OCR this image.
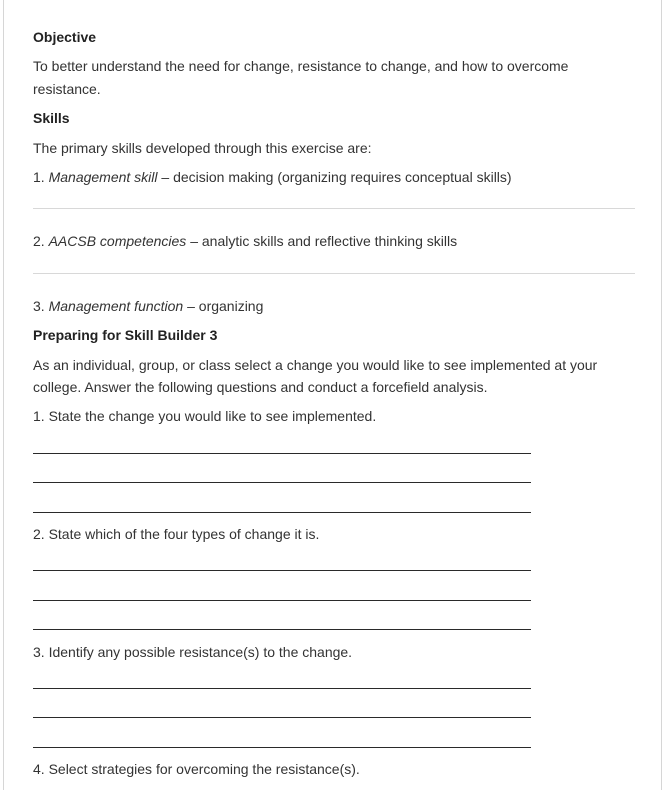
Objective
To better understand the need for change, resistance to change, and how to overcome
resistance.
Skills
The primary skills developed through this exercise are:
1. Management skill – decision making (organizing requires conceptual skills)
2. AACSB competencies – analytic skills and reflective thinking skills
3. Management function – organizing
Preparing for Skill Builder 3
As an individual, group, or class select a change you would like to see implemented at your
college. Answer the following questions and conduct a forcefield analysis.
1. State the change you would like to see implemented.
2. State which of the four types of change it is.
3. Identify any possible resistance(s) to the change.
4. Select strategies for overcoming the resistance(s).
